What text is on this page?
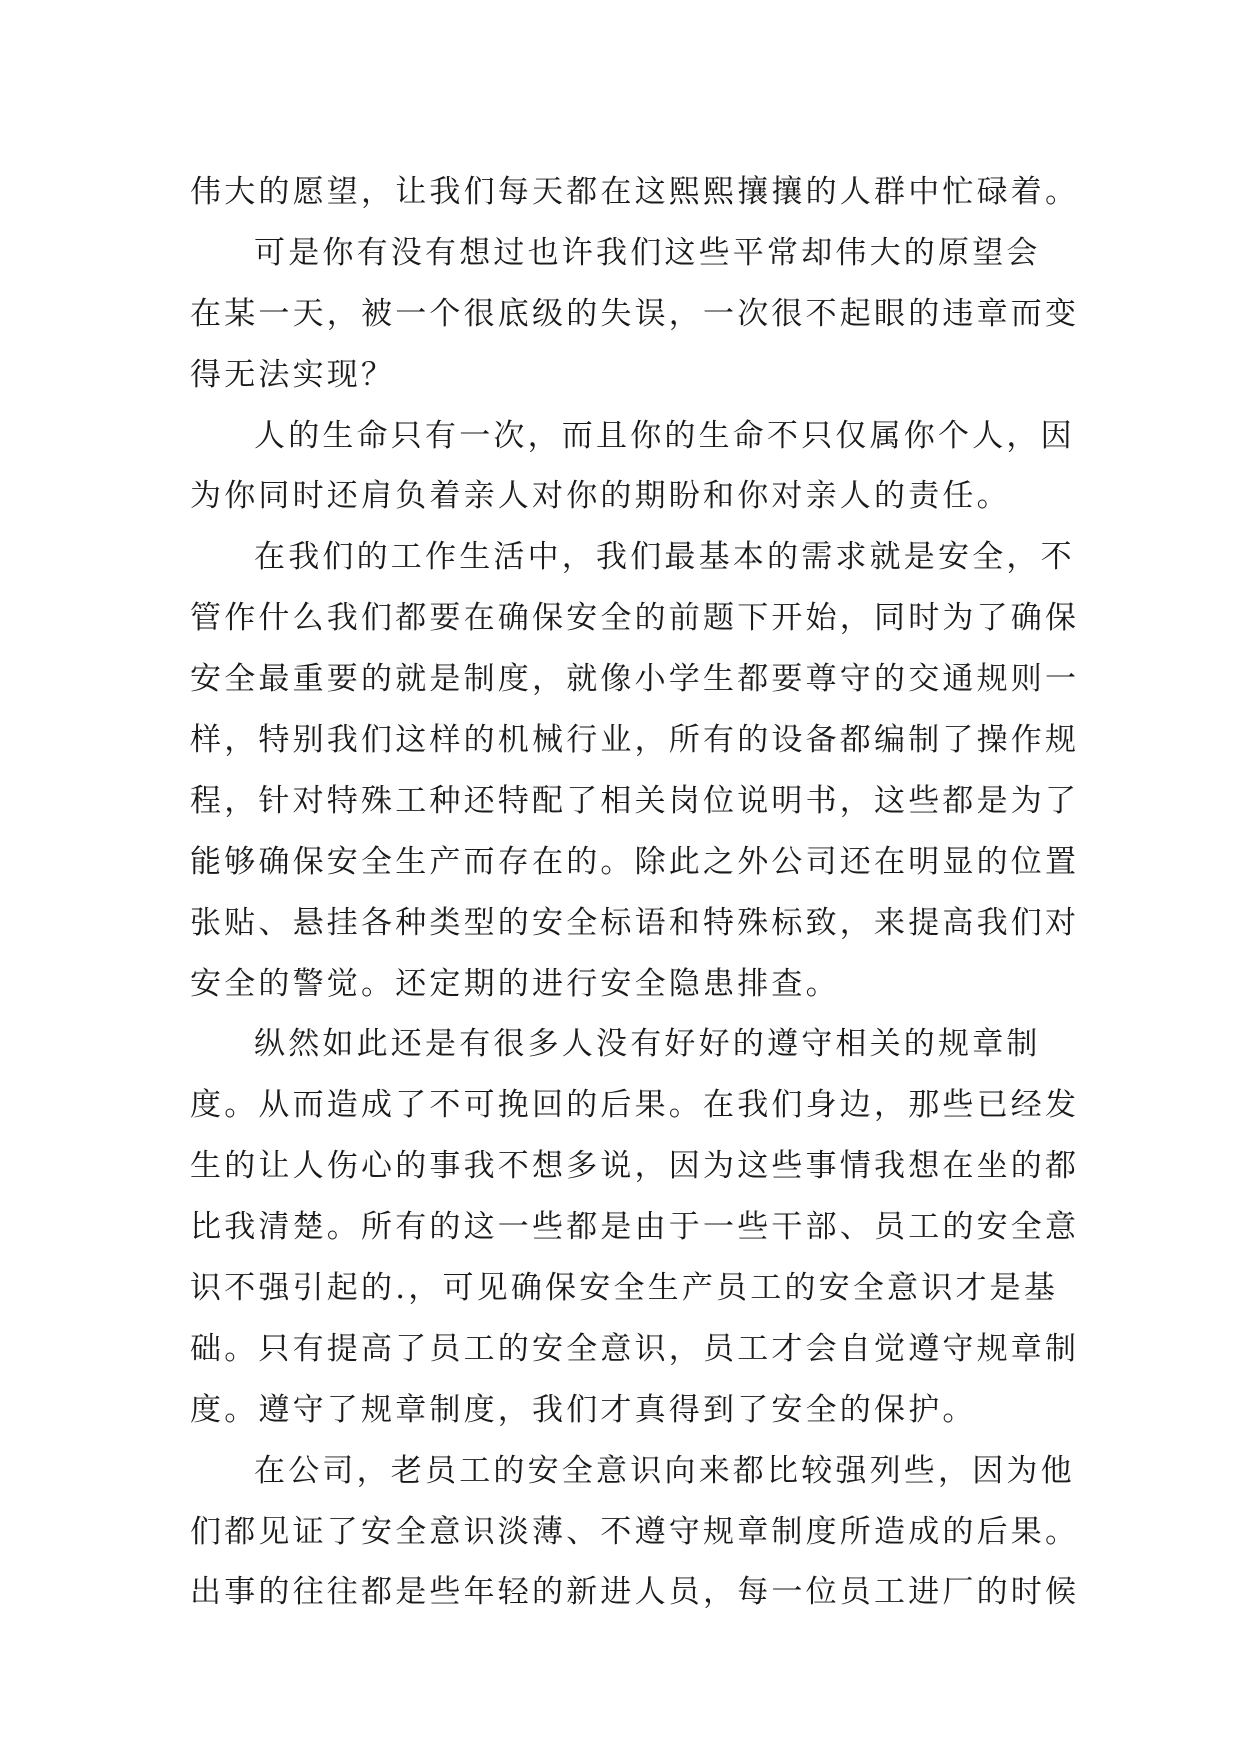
伟大的愿望，让我们每天都在这熙熙攘攘的人群中忙碌着。
可是你有没有想过也许我们这些平常却伟大的原望会
在某一天，被一个很底级的失误，一次很不起眼的违章而变
得无法实现？
人的生命只有一次，而且你的生命不只仅属你个人，因
为你同时还肩负着亲人对你的期盼和你对亲人的责任。
在我们的工作生活中，我们最基本的需求就是安全，不
管作什么我们都要在确保安全的前题下开始，同时为了确保
安全最重要的就是制度，就像小学生都要尊守的交通规则一
样，特别我们这样的机械行业，所有的设备都编制了操作规
程，针对特殊工种还特配了相关岗位说明书，这些都是为了
能够确保安全生产而存在的。除此之外公司还在明显的位置
张贴、悬挂各种类型的安全标语和特殊标致，来提高我们对
安全的警觉。还定期的进行安全隐患排查。
纵然如此还是有很多人没有好好的遵守相关的规章制
度。从而造成了不可挽回的后果。在我们身边，那些已经发
生的让人伤心的事我不想多说，因为这些事情我想在坐的都
比我清楚。所有的这一些都是由于一些干部、员工的安全意
识不强引起的.，可见确保安全生产员工的安全意识才是基
础。只有提高了员工的安全意识，员工才会自觉遵守规章制
度。遵守了规章制度，我们才真得到了安全的保护。
在公司，老员工的安全意识向来都比较强列些，因为他
们都见证了安全意识淡薄、不遵守规章制度所造成的后果。
出事的往往都是些年轻的新进人员，每一位员工进厂的时候
